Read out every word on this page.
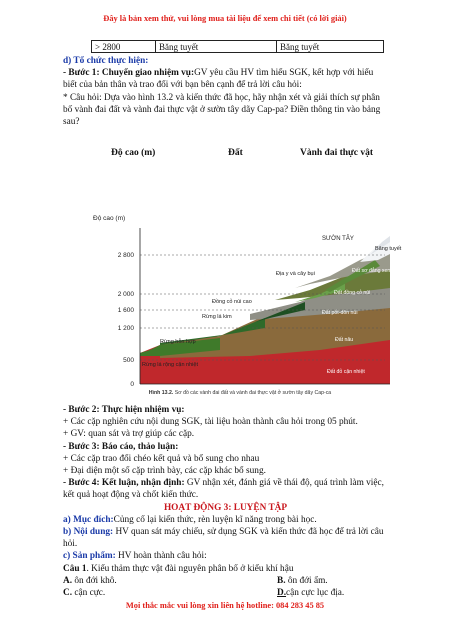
Đây là bản xem thử, vui lòng mua tài liệu để xem chi tiết (có lời giải)
> 2800	Băng tuyết	Băng tuyết
d) Tổ chức thực hiện:
- Bước 1: Chuyển giao nhiệm vụ:GV yêu cầu HV tìm hiểu SGK, kết hợp với hiểu biết của bản thân và trao đổi với bạn bên cạnh để trả lời câu hỏi:
* Câu hỏi: Dựa vào hình 13.2 và kiến thức đã học, hãy nhận xét và giải thích sự phân bố vành đai đất và vành đai thực vật ở sườn tây dãy Cap-pa? Điền thông tin vào bảng sau?
Độ cao (m)	Đất	Vành đai thực vật
Độ cao (m)
2 800
2 000
1 600
1 200
500
0
SƯỜN TÂY
Băng tuyết
Địa y và cây bụi
Đồng cỏ núi cao
Rừng lá kim
Rừng hỗn hợp
Rừng lá rộng cận nhiệt
Đất sơ đẳng xen lẫn đá
Đất đồng cỏ núi
Đất pốt-dôn núi
Đất nâu
Đất đỏ cận nhiệt
Hình 13.2. Sơ đồ các vành đai đất và vành đai thực vật ở sườn tây dãy Cap-ca
- Bước 2: Thực hiện nhiệm vụ:
+ Các cặp nghiên cứu nội dung SGK, tài liệu hoàn thành câu hỏi trong 05 phút.
+ GV: quan sát và trợ giúp các cặp.
- Bước 3: Báo cáo, thảo luận:
+ Các cặp trao đổi chéo kết quả và bổ sung cho nhau
+ Đại diện một số cặp trình bày, các cặp khác bổ sung.
- Bước 4: Kết luận, nhận định: GV nhận xét, đánh giá về thái độ, quá trình làm việc, kết quả hoạt động và chốt kiến thức.
HOẠT ĐỘNG 3: LUYỆN TẬP
a) Mục đích:Củng cố lại kiến thức, rèn luyện kĩ năng trong bài học.
b) Nội dung: HV quan sát máy chiếu, sử dụng SGK và kiến thức đã học để trả lời câu hỏi.
c) Sản phẩm: HV hoàn thành câu hỏi:
Câu 1. Kiểu thảm thực vật đài nguyên phân bố ở kiểu khí hậu
A. ôn đới khô.	B. ôn đới ẩm.
C. cận cực.	D.cận cực lục địa.
Mọi thắc mắc vui lòng xin liên hệ hotline: 084 283 45 85
